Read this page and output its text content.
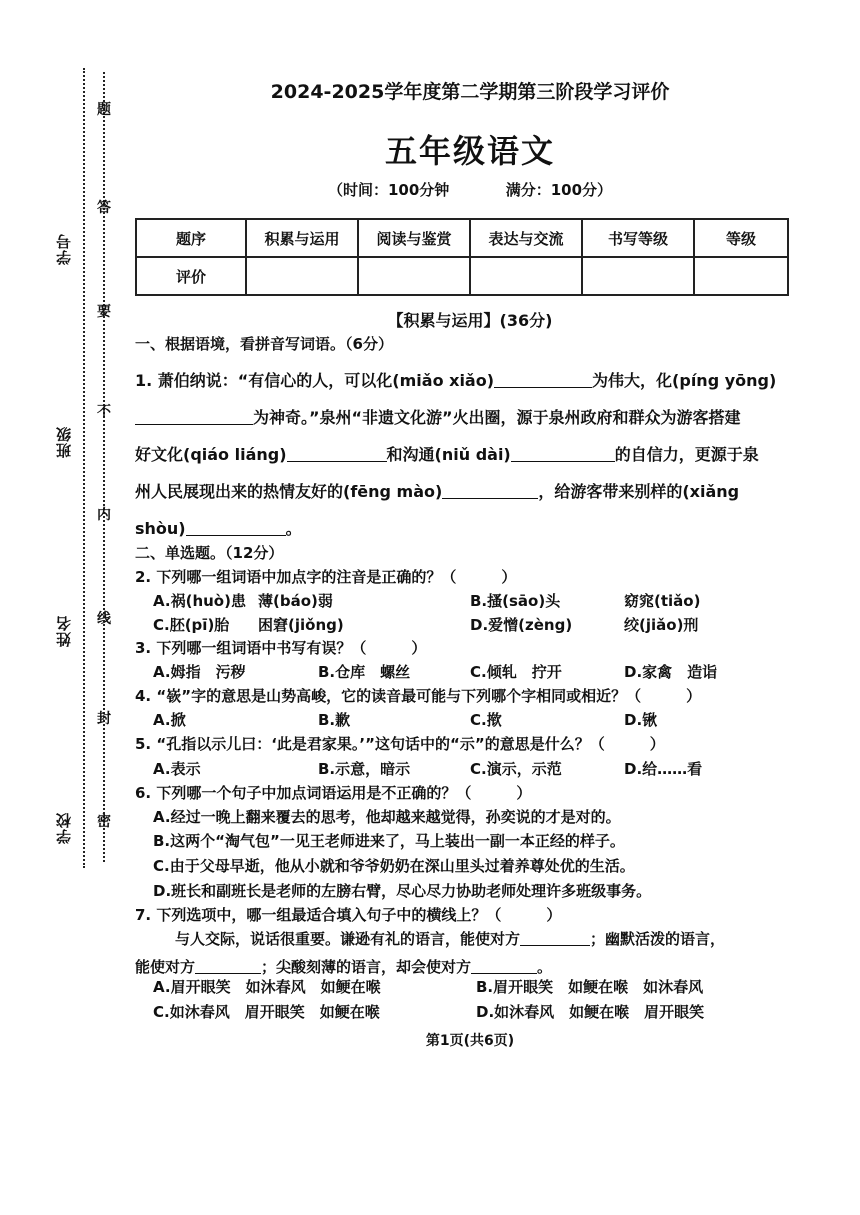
题
答
要
不
内
线
封
密
学号
班级
姓名
学校
2024-2025学年度第二学期第三阶段学习评价
五年级语文
（时间：100分钟	满分：100分）
题序	积累与运用	阅读与鉴赏	表达与交流	书写等级	等级
评价					
【积累与运用】(36分)
一、根据语境，看拼音写词语。（6分）
1. 萧伯纳说：“有信心的人，可以化(miǎo xiǎo)	为伟大，化(píng yōng)
为神奇。”泉州“非遗文化游”火出圈，源于泉州政府和群众为游客搭建
好文化(qiáo liáng)	和沟通(niǔ dài)	的自信力，更源于泉
州人民展现出来的热情友好的(fēng mào)	，给游客带来别样的(xiǎng
shòu)	。
二、单选题。（12分）
2. 下列哪一组词语中加点字的注音是正确的？（　　　）
A.祸(huò)患 薄(báo)弱	B.搔(sāo)头	窈窕(tiǎo)
C.胚(pī)胎 困窘(jiǒng)	D.爱憎(zèng)	绞(jiǎo)刑
3. 下列哪一组词语中书写有误？（　　　）
A.姆指　污秽	B.仓库　螺丝	C.倾轧　拧开	D.家禽　造诣
4. “嵚”字的意思是山势高峻，它的读音最可能与下列哪个字相同或相近？（　　　）
A.掀	B.歉	C.揿	D.锹
5. “孔指以示儿曰：‘此是君家果。’”这句话中的“示”的意思是什么？（　　　）
A.表示	B.示意，暗示	C.演示，示范	D.给……看
6. 下列哪一个句子中加点词语运用是不正确的？（　　　）
A.经过一晚上翻来覆去的思考，他却越来越觉得，孙奕说的才是对的。
B.这两个“淘气包”一见王老师进来了，马上装出一副一本正经的样子。
C.由于父母早逝，他从小就和爷爷奶奶在深山里头过着养尊处优的生活。
D.班长和副班长是老师的左膀右臂，尽心尽力协助老师处理许多班级事务。
7. 下列选项中，哪一组最适合填入句子中的横线上？（　　　）
与人交际，说话很重要。谦逊有礼的语言，能使对方	；幽默活泼的语言，
能使对方	；尖酸刻薄的语言，却会使对方	。
A.眉开眼笑　如沐春风　如鲠在喉	B.眉开眼笑　如鲠在喉　如沐春风
C.如沐春风　眉开眼笑　如鲠在喉	D.如沐春风　如鲠在喉　眉开眼笑
第1页(共6页)
